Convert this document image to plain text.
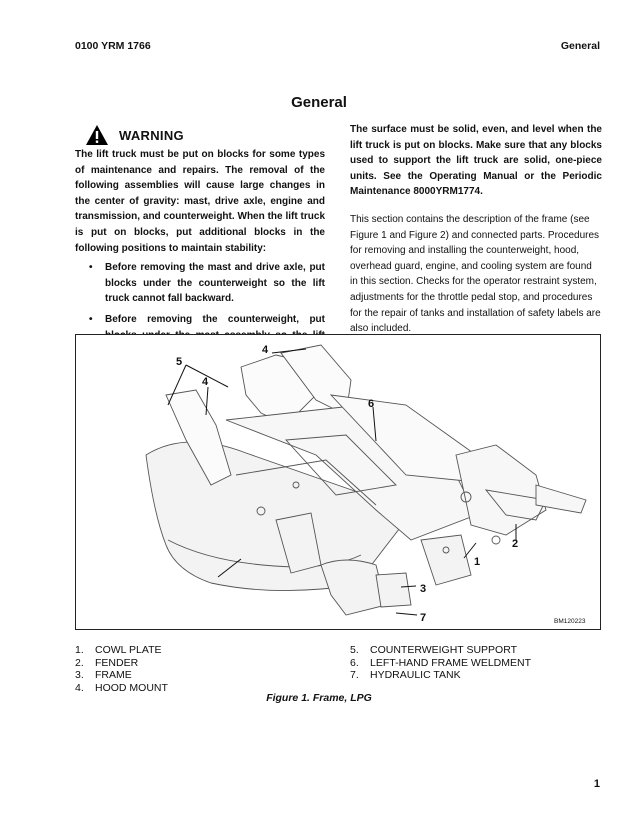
0100 YRM 1766	General
General
WARNING

The lift truck must be put on blocks for some types of maintenance and repairs. The removal of the following assemblies will cause large changes in the center of gravity: mast, drive axle, engine and transmission, and counterweight. When the lift truck is put on blocks, put additional blocks in the following positions to maintain stability:

• Before removing the mast and drive axle, put blocks under the counterweight so the lift truck cannot fall backward.
• Before removing the counterweight, put

The surface must be solid, even, and level when the lift truck is put on blocks. Make sure that any blocks used to support the lift truck are solid, one-piece units. See the Operating Manual or the Periodic Maintenance 8000YRM1774.

This section contains the description of the frame (see Figure 1 and Figure 2) and connected parts. Procedures for removing and installing the counterweight, hood, overhead guard, engine, and cooling system are found in this section. Checks for the operator restraint system, adjustments for the throttle pedal stop, and procedures for the repair of tanks and installation of safety labels are also included.

5
4
4
6
1
2
3
7	BM120223
1.	COWL PLATE
2.	FENDER
3.	FRAME
4.	HOOD MOUNT
5.	COUNTERWEIGHT SUPPORT
6.	LEFT-HAND FRAME WELDMENT
7.	HYDRAULIC TANK
Figure 1. Frame, LPG
1
